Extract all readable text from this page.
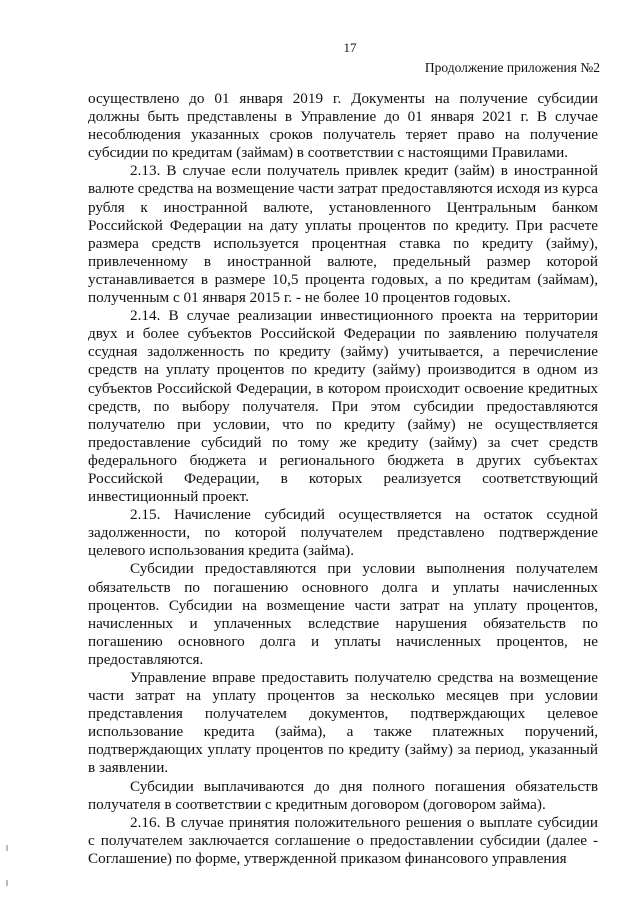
17
Продолжение приложения №2

осуществлено до 01 января 2019 г. Документы на получение субсидии должны быть представлены в Управление до 01 января 2021 г. В случае несоблюдения указанных сроков получатель теряет право на получение субсидии по кредитам (займам) в соответствии с настоящими Правилами.

2.13. В случае если получатель привлек кредит (займ) в иностранной валюте средства на возмещение части затрат предоставляются исходя из курса рубля к иностранной валюте, установленного Центральным банком Российской Федерации на дату уплаты процентов по кредиту. При расчете размера средств используется процентная ставка по кредиту (займу), привлеченному в иностранной валюте, предельный размер которой устанавливается в размере 10,5 процента годовых, а по кредитам (займам), полученным с 01 января 2015 г. - не более 10 процентов годовых.

2.14. В случае реализации инвестиционного проекта на территории двух и более субъектов Российской Федерации по заявлению получателя ссудная задолженность по кредиту (займу) учитывается, а перечисление средств на уплату процентов по кредиту (займу) производится в одном из субъектов Российской Федерации, в котором происходит освоение кредитных средств, по выбору получателя. При этом субсидии предоставляются получателю при условии, что по кредиту (займу) не осуществляется предоставление субсидий по тому же кредиту (займу) за счет средств федерального бюджета и регионального бюджета в других субъектах Российской Федерации, в которых реализуется соответствующий инвестиционный проект.

2.15. Начисление субсидий осуществляется на остаток ссудной задолженности, по которой получателем представлено подтверждение целевого использования кредита (займа).

Субсидии предоставляются при условии выполнения получателем обязательств по погашению основного долга и уплаты начисленных процентов. Субсидии на возмещение части затрат на уплату процентов, начисленных и уплаченных вследствие нарушения обязательств по погашению основного долга и уплаты начисленных процентов, не предоставляются.

Управление вправе предоставить получателю средства на возмещение части затрат на уплату процентов за несколько месяцев при условии представления получателем документов, подтверждающих целевое использование кредита (займа), а также платежных поручений, подтверждающих уплату процентов по кредиту (займу) за период, указанный в заявлении.

Субсидии выплачиваются до дня полного погашения обязательств получателя в соответствии с кредитным договором (договором займа).

2.16. В случае принятия положительного решения о выплате субсидии с получателем заключается соглашение о предоставлении субсидии (далее - Соглашение) по форме, утвержденной приказом финансового управления
